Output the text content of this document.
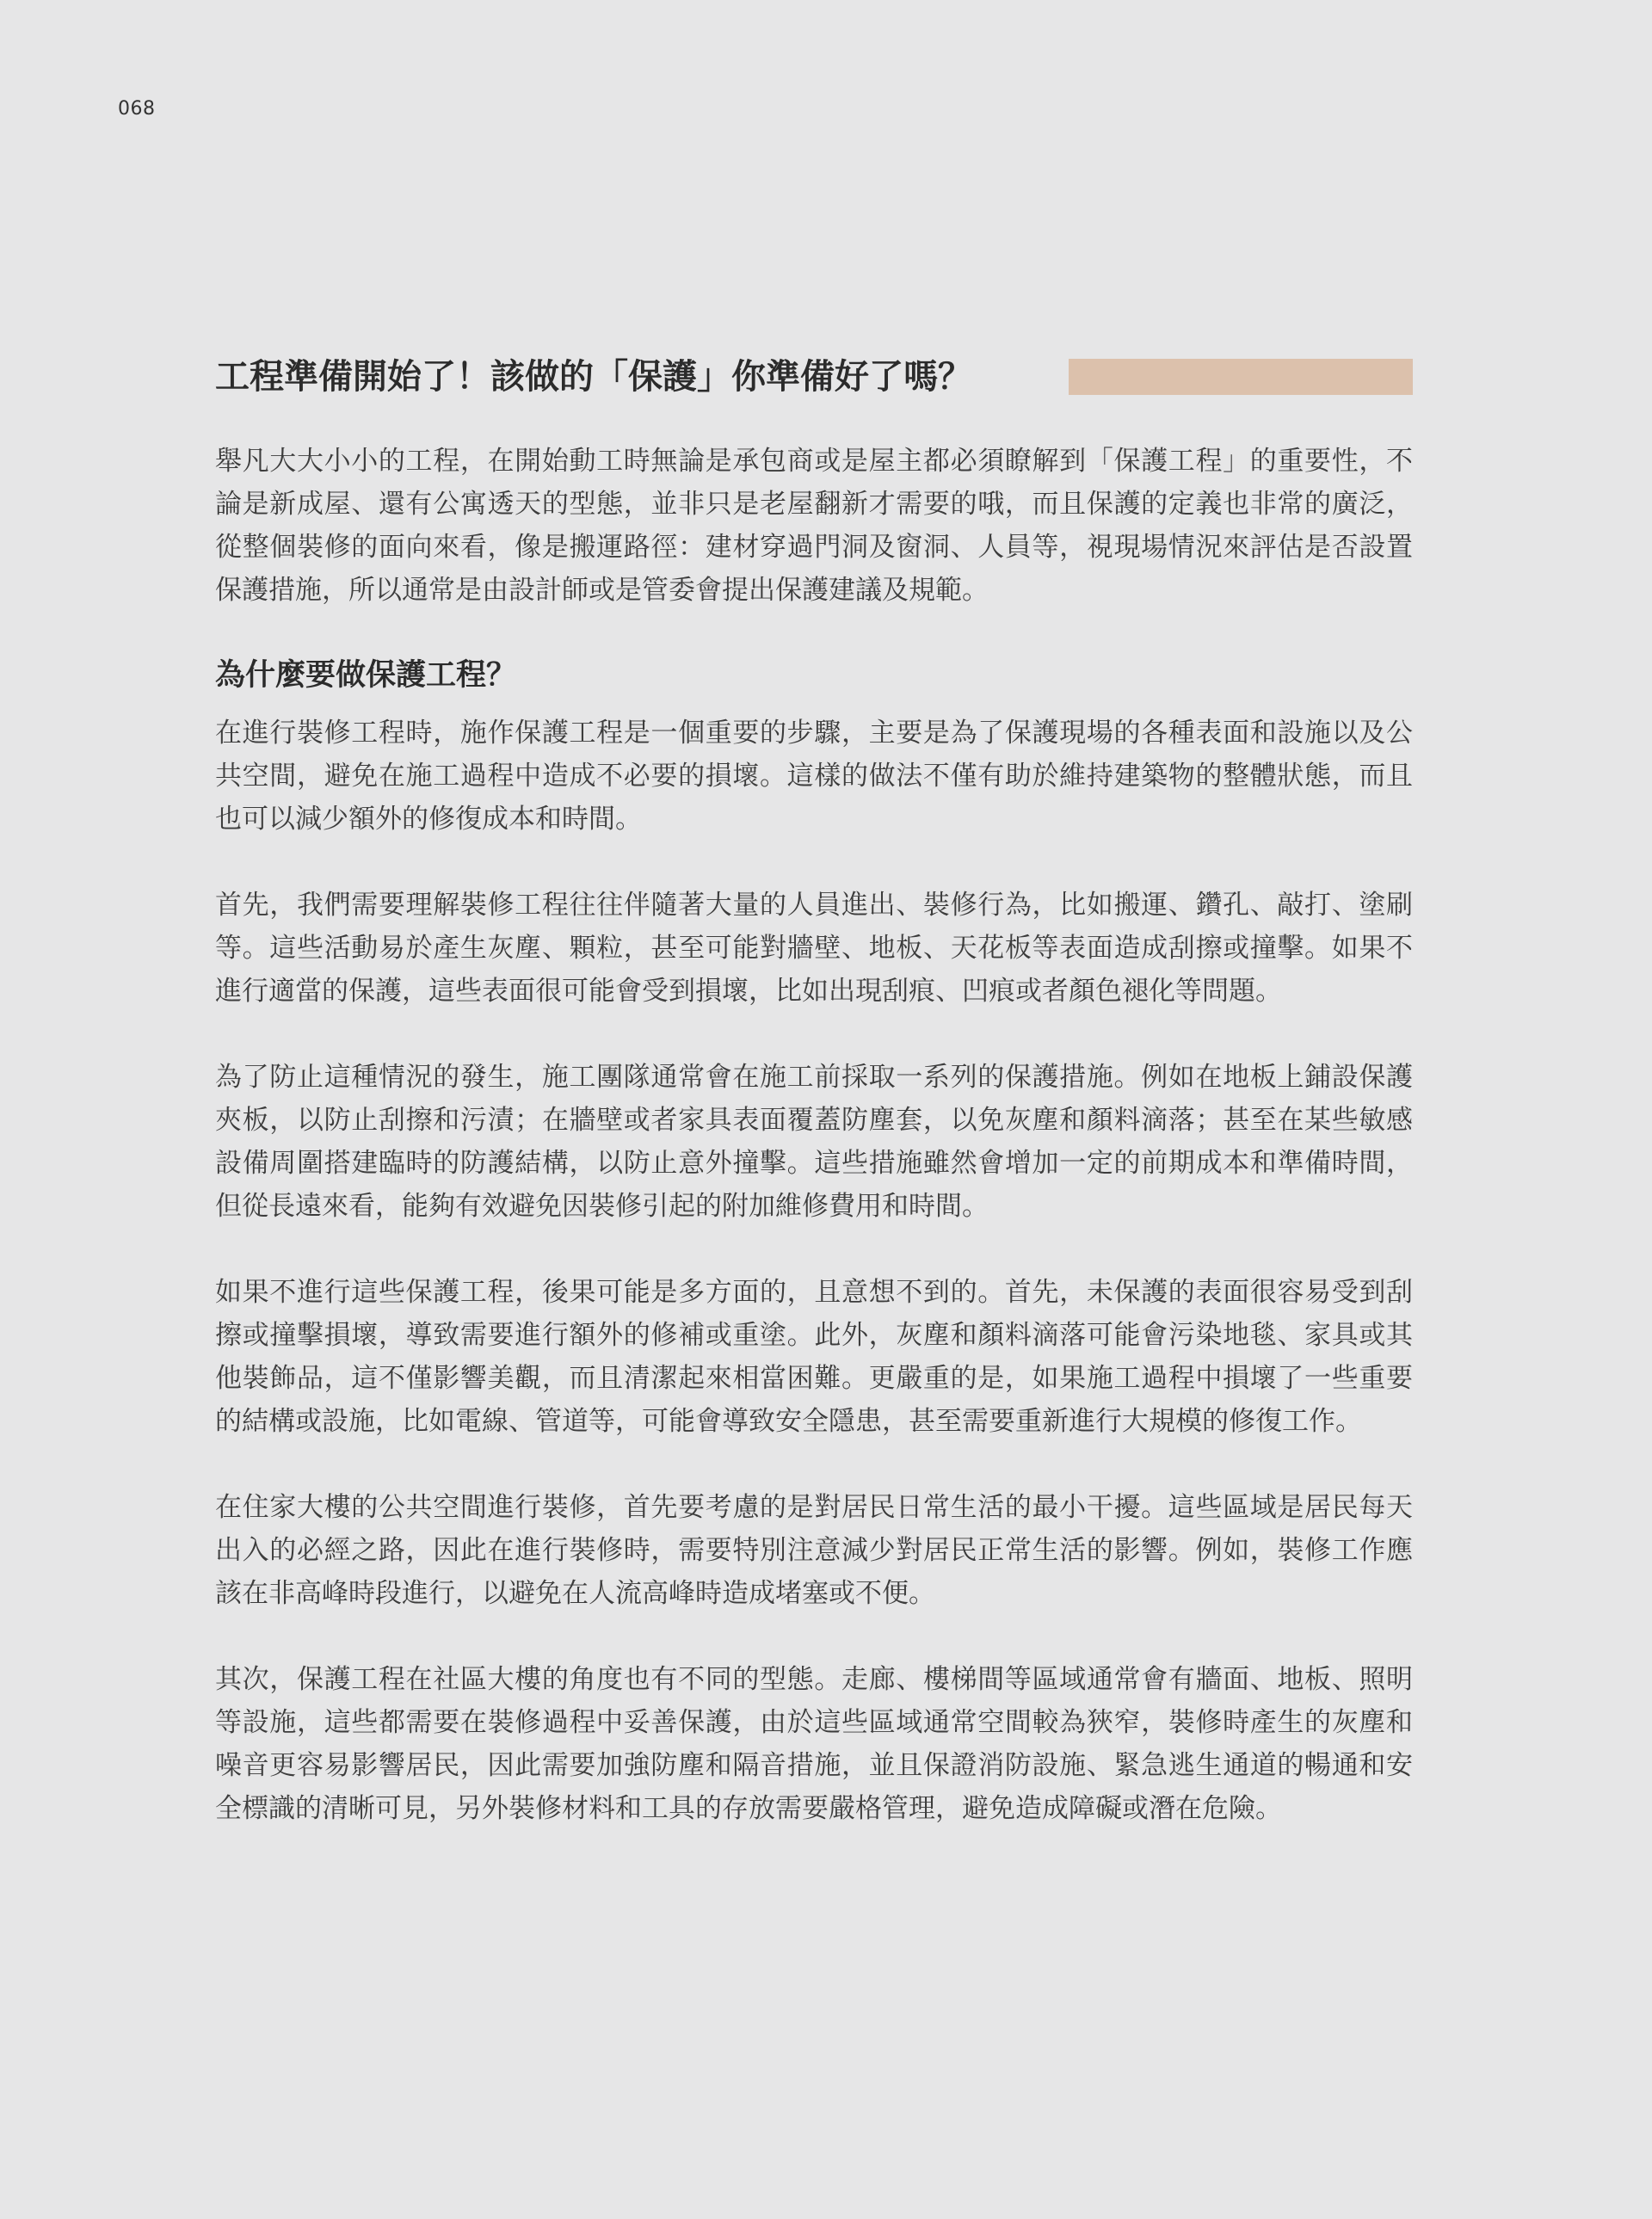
068
工程準備開始了！該做的「保護」你準備好了嗎？

舉凡大大小小的工程，在開始動工時無論是承包商或是屋主都必須瞭解到「保護工程」的重要性，不論是新成屋、還有公寓透天的型態，並非只是老屋翻新才需要的哦，而且保護的定義也非常的廣泛，從整個裝修的面向來看，像是搬運路徑：建材穿過門洞及窗洞、人員等，視現場情況來評估是否設置保護措施，所以通常是由設計師或是管委會提出保護建議及規範。

為什麼要做保護工程？

在進行裝修工程時，施作保護工程是一個重要的步驟，主要是為了保護現場的各種表面和設施以及公共空間，避免在施工過程中造成不必要的損壞。這樣的做法不僅有助於維持建築物的整體狀態，而且也可以減少額外的修復成本和時間。

首先，我們需要理解裝修工程往往伴隨著大量的人員進出、裝修行為，比如搬運、鑽孔、敲打、塗刷等。這些活動易於產生灰塵、顆粒，甚至可能對牆壁、地板、天花板等表面造成刮擦或撞擊。如果不進行適當的保護，這些表面很可能會受到損壞，比如出現刮痕、凹痕或者顏色褪化等問題。

為了防止這種情況的發生，施工團隊通常會在施工前採取一系列的保護措施。例如在地板上鋪設保護夾板，以防止刮擦和污漬；在牆壁或者家具表面覆蓋防塵套，以免灰塵和顏料滴落；甚至在某些敏感設備周圍搭建臨時的防護結構，以防止意外撞擊。這些措施雖然會增加一定的前期成本和準備時間，但從長遠來看，能夠有效避免因裝修引起的附加維修費用和時間。

如果不進行這些保護工程，後果可能是多方面的，且意想不到的。首先，未保護的表面很容易受到刮擦或撞擊損壞，導致需要進行額外的修補或重塗。此外，灰塵和顏料滴落可能會污染地毯、家具或其他裝飾品，這不僅影響美觀，而且清潔起來相當困難。更嚴重的是，如果施工過程中損壞了一些重要的結構或設施，比如電線、管道等，可能會導致安全隱患，甚至需要重新進行大規模的修復工作。

在住家大樓的公共空間進行裝修，首先要考慮的是對居民日常生活的最小干擾。這些區域是居民每天出入的必經之路，因此在進行裝修時，需要特別注意減少對居民正常生活的影響。例如，裝修工作應該在非高峰時段進行，以避免在人流高峰時造成堵塞或不便。

其次，保護工程在社區大樓的角度也有不同的型態。走廊、樓梯間等區域通常會有牆面、地板、照明等設施，這些都需要在裝修過程中妥善保護，由於這些區域通常空間較為狹窄，裝修時產生的灰塵和噪音更容易影響居民，因此需要加強防塵和隔音措施，並且保證消防設施、緊急逃生通道的暢通和安全標識的清晰可見，另外裝修材料和工具的存放需要嚴格管理，避免造成障礙或潛在危險。
